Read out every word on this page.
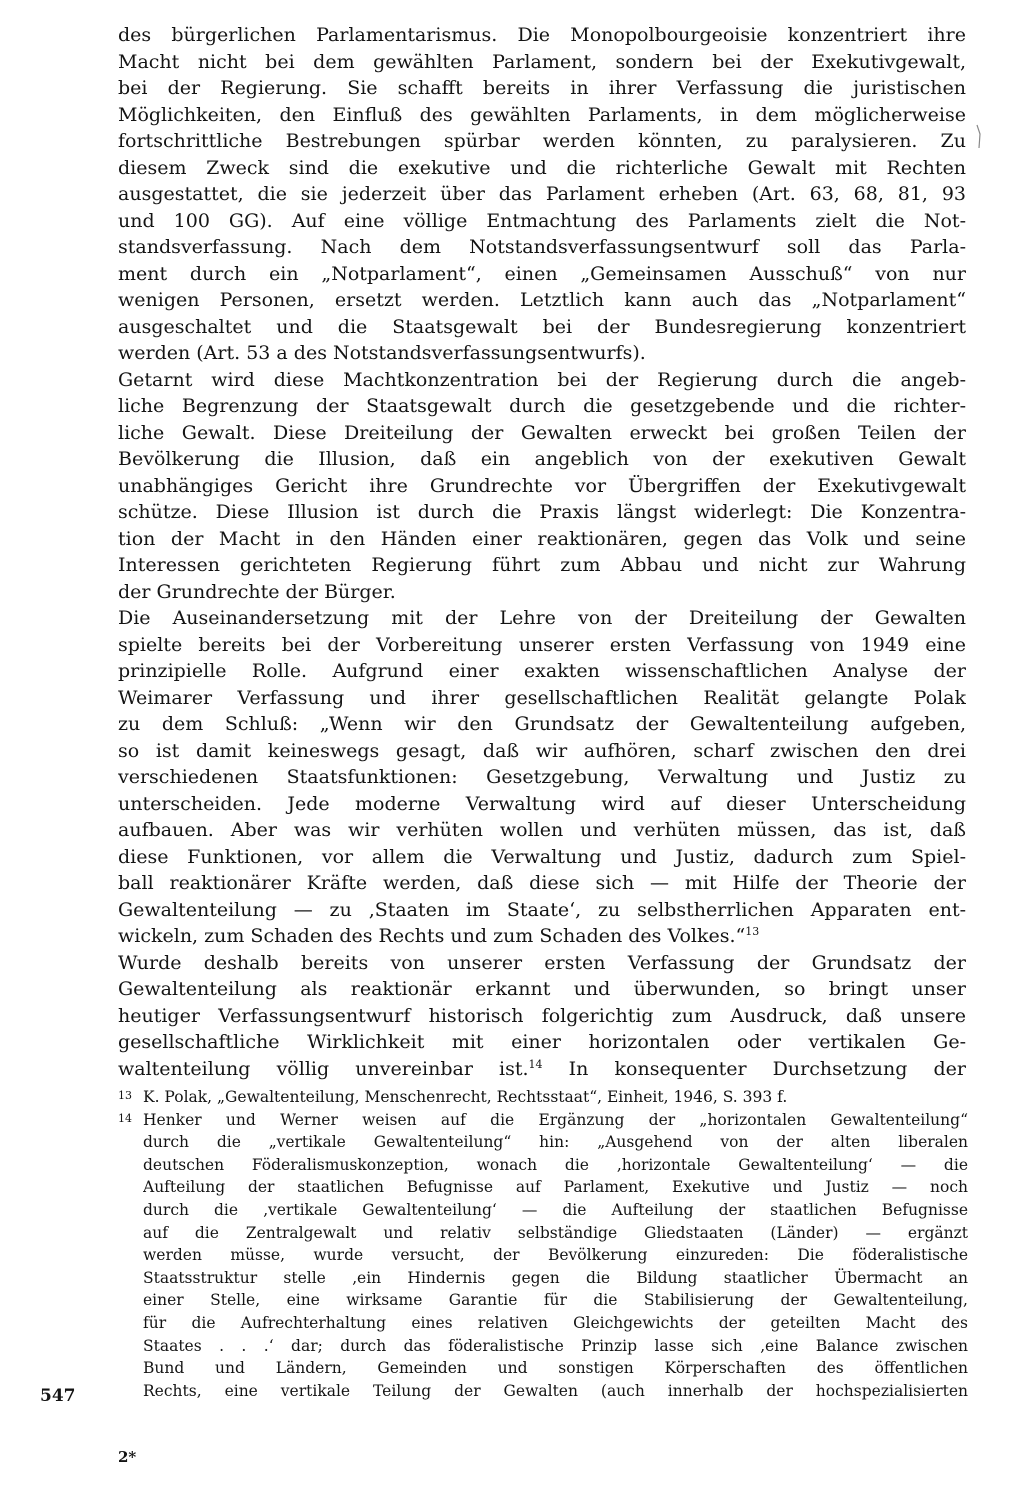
des bürgerlichen Parlamentarismus. Die Monopolbourgeoisie konzentriert ihre
Macht nicht bei dem gewählten Parlament, sondern bei der Exekutivgewalt,
bei der Regierung. Sie schafft bereits in ihrer Verfassung die juristischen
Möglichkeiten, den Einfluß des gewählten Parlaments, in dem möglicherweise
fortschrittliche Bestrebungen spürbar werden könnten, zu paralysieren. Zu
diesem Zweck sind die exekutive und die richterliche Gewalt mit Rechten
ausgestattet, die sie jederzeit über das Parlament erheben (Art. 63, 68, 81, 93
und 100 GG). Auf eine völlige Entmachtung des Parlaments zielt die Not-
standsverfassung. Nach dem Notstandsverfassungsentwurf soll das Parla-
ment durch ein „Notparlament“, einen „Gemeinsamen Ausschuß“ von nur
wenigen Personen, ersetzt werden. Letztlich kann auch das „Notparlament“
ausgeschaltet und die Staatsgewalt bei der Bundesregierung konzentriert
werden (Art. 53 a des Notstandsverfassungsentwurfs).

Getarnt wird diese Machtkonzentration bei der Regierung durch die angeb-
liche Begrenzung der Staatsgewalt durch die gesetzgebende und die richter-
liche Gewalt. Diese Dreiteilung der Gewalten erweckt bei großen Teilen der
Bevölkerung die Illusion, daß ein angeblich von der exekutiven Gewalt
unabhängiges Gericht ihre Grundrechte vor Übergriffen der Exekutivgewalt
schütze. Diese Illusion ist durch die Praxis längst widerlegt: Die Konzentra-
tion der Macht in den Händen einer reaktionären, gegen das Volk und seine
Interessen gerichteten Regierung führt zum Abbau und nicht zur Wahrung
der Grundrechte der Bürger.

Die Auseinandersetzung mit der Lehre von der Dreiteilung der Gewalten
spielte bereits bei der Vorbereitung unserer ersten Verfassung von 1949 eine
prinzipielle Rolle. Aufgrund einer exakten wissenschaftlichen Analyse der
Weimarer Verfassung und ihrer gesellschaftlichen Realität gelangte Polak
zu dem Schluß: „Wenn wir den Grundsatz der Gewaltenteilung aufgeben,
so ist damit keineswegs gesagt, daß wir aufhören, scharf zwischen den drei
verschiedenen Staatsfunktionen: Gesetzgebung, Verwaltung und Justiz zu
unterscheiden. Jede moderne Verwaltung wird auf dieser Unterscheidung
aufbauen. Aber was wir verhüten wollen und verhüten müssen, das ist, daß
diese Funktionen, vor allem die Verwaltung und Justiz, dadurch zum Spiel-
ball reaktionärer Kräfte werden, daß diese sich — mit Hilfe der Theorie der
Gewaltenteilung — zu ‚Staaten im Staate‘, zu selbstherrlichen Apparaten ent-
wickeln, zum Schaden des Rechts und zum Schaden des Volkes.“$^{13}$

Wurde deshalb bereits von unserer ersten Verfassung der Grundsatz der
Gewaltenteilung als reaktionär erkannt und überwunden, so bringt unser
heutiger Verfassungsentwurf historisch folgerichtig zum Ausdruck, daß unsere
gesellschaftliche Wirklichkeit mit einer horizontalen oder vertikalen Ge-
waltenteilung völlig unvereinbar ist.$^{14}$ In konsequenter Durchsetzung der

13 K. Polak, „Gewaltenteilung, Menschenrecht, Rechtsstaat“, Einheit, 1946, S. 393 f.
14 Henker und Werner weisen auf die Ergänzung der „horizontalen Gewaltenteilung“
durch die „vertikale Gewaltenteilung“ hin: „Ausgehend von der alten liberalen
deutschen Föderalismuskonzeption, wonach die ‚horizontale Gewaltenteilung‘ — die
Aufteilung der staatlichen Befugnisse auf Parlament, Exekutive und Justiz — noch
durch die ‚vertikale Gewaltenteilung‘ — die Aufteilung der staatlichen Befugnisse
auf die Zentralgewalt und relativ selbständige Gliedstaaten (Länder) — ergänzt
werden müsse, wurde versucht, der Bevölkerung einzureden: Die föderalistische
Staatsstruktur stelle ‚ein Hindernis gegen die Bildung staatlicher Übermacht an
einer Stelle, eine wirksame Garantie für die Stabilisierung der Gewaltenteilung,
für die Aufrechterhaltung eines relativen Gleichgewichts der geteilten Macht des
Staates . . .‘ dar; durch das föderalistische Prinzip lasse sich ‚eine Balance zwischen
Bund und Ländern, Gemeinden und sonstigen Körperschaften des öffentlichen
Rechts, eine vertikale Teilung der Gewalten (auch innerhalb der hochspezialisierten
547
2*
